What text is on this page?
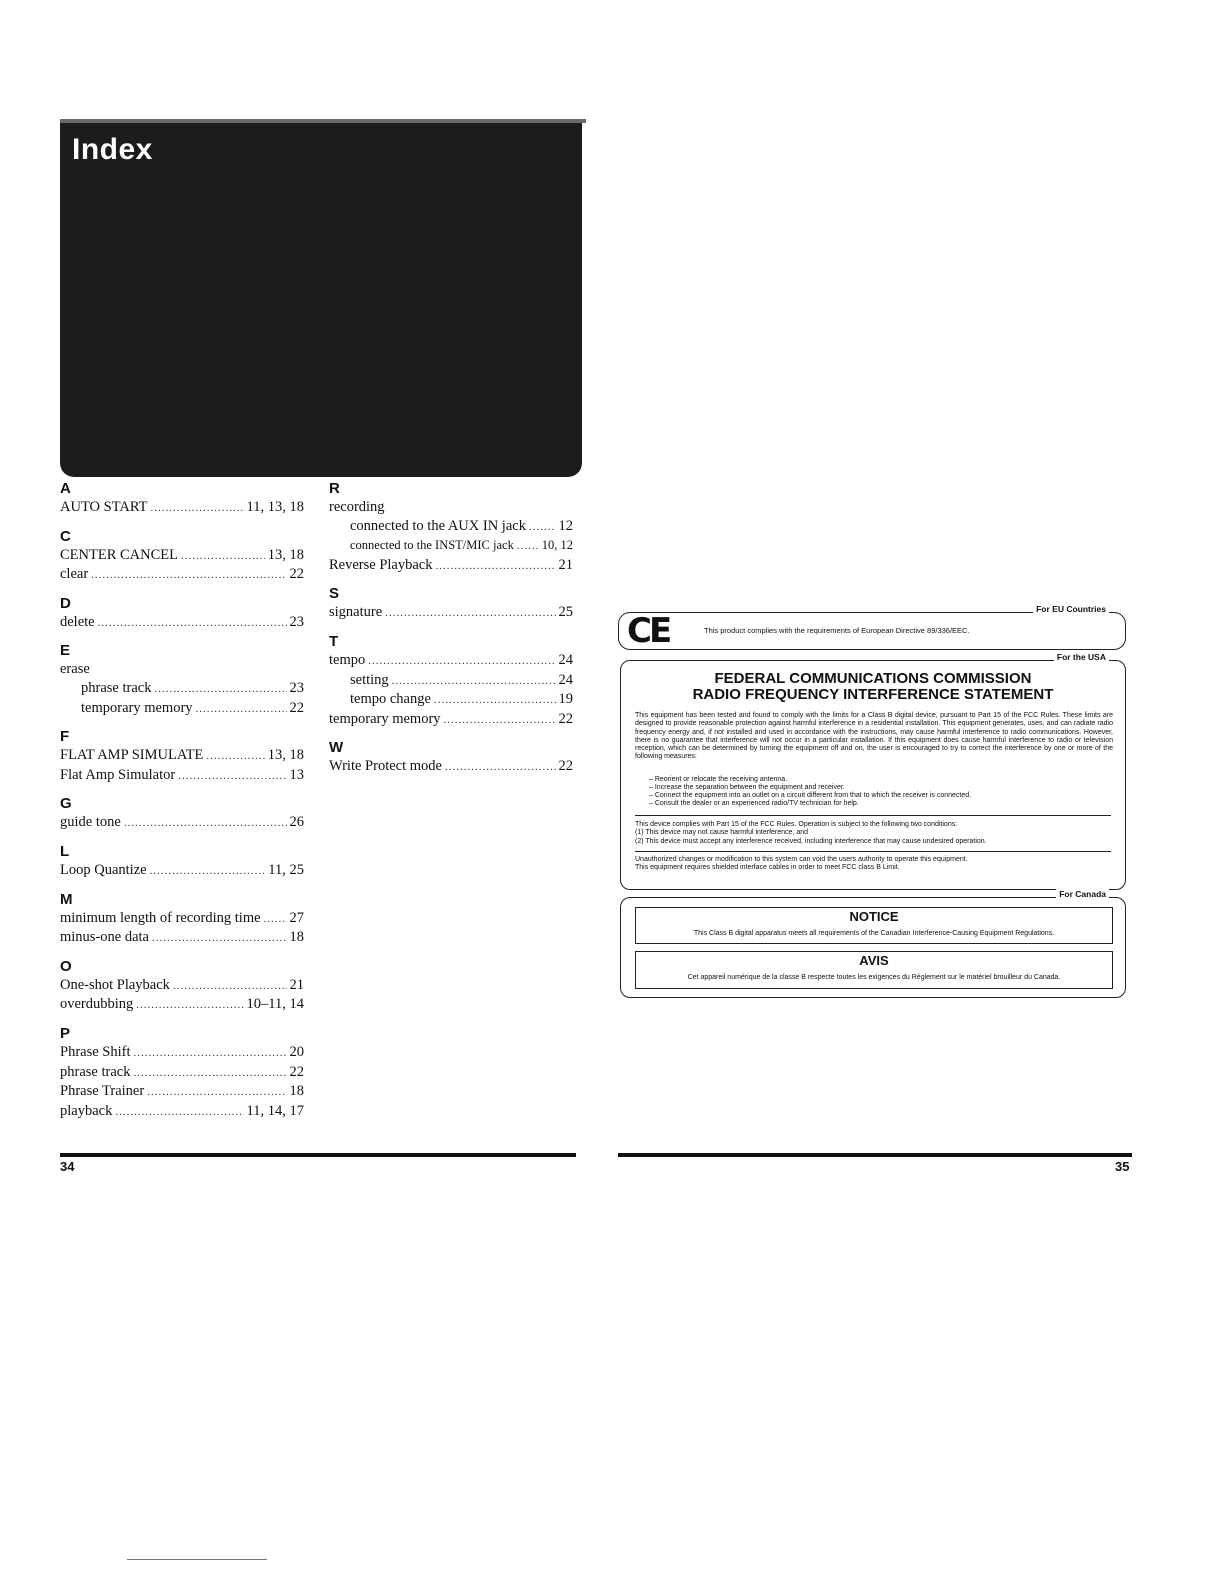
Index
A
AUTO START .....	11, 13, 18
C
CENTER CANCEL .....	13, 18
clear .....	22
D
delete .....	23
E
erase
phrase track .....	23
temporary memory .....	22
F
FLAT AMP SIMULATE .....	13, 18
Flat Amp Simulator .....	13
G
guide tone .....	26
L
Loop Quantize .....	11, 25
M
minimum length of recording time ..... 27
minus-one data .....	18
O
One-shot Playback .....	21
overdubbing .....	10–11, 14
P
Phrase Shift .....	20
phrase track .....	22
Phrase Trainer .....	18
playback .....	11, 14, 17
R
recording
connected to the AUX IN jack ..... 12
connected to the INST/MIC jack ..... 10, 12
Reverse Playback .....	21
S
signature .....	25
T
tempo .....	24
setting .....	24
tempo change .....	19
temporary memory .....	22
W
Write Protect mode .....	22
For EU Countries
CE	This product complies with the requirements of European Directive 89/336/EEC.
For the USA
FEDERAL COMMUNICATIONS COMMISSION
RADIO FREQUENCY INTERFERENCE STATEMENT
This equipment has been tested and found to comply with the limits for a Class B digital device, pursuant to Part 15 of the FCC Rules. These limits are designed to provide reasonable protection against harmful interference in a residential installation. This equipment generates, uses, and can radiate radio frequency energy and, if not installed and used in accordance with the instructions, may cause harmful interference to radio communications. However, there is no guarantee that interference will not occur in a particular installation. If this equipment does cause harmful interference to radio or television reception, which can be determined by turning the equipment off and on, the user is encouraged to try to correct the interference by one or more of the following measures:
– Reorient or relocate the receiving antenna.
– Increase the separation between the equipment and receiver.
– Connect the equipment into an outlet on a circuit different from that to which the receiver is connected.
– Consult the dealer or an experienced radio/TV technician for help.
This device complies with Part 15 of the FCC Rules. Operation is subject to the following two conditions:
(1) This device may not cause harmful interference, and
(2) This device must accept any interference received, including interference that may cause undesired operation.
Unauthorized changes or modification to this system can void the users authority to operate this equipment.
This equipment requires shielded interface cables in order to meet FCC class B Limit.
For Canada
NOTICE
This Class B digital apparatus meets all requirements of the Canadian Interference-Causing Equipment Regulations.
AVIS
Cet appareil numérique de la classe B respecte toutes les exigences du Règlement sur le matériel brouilleur du Canada.
34	35
